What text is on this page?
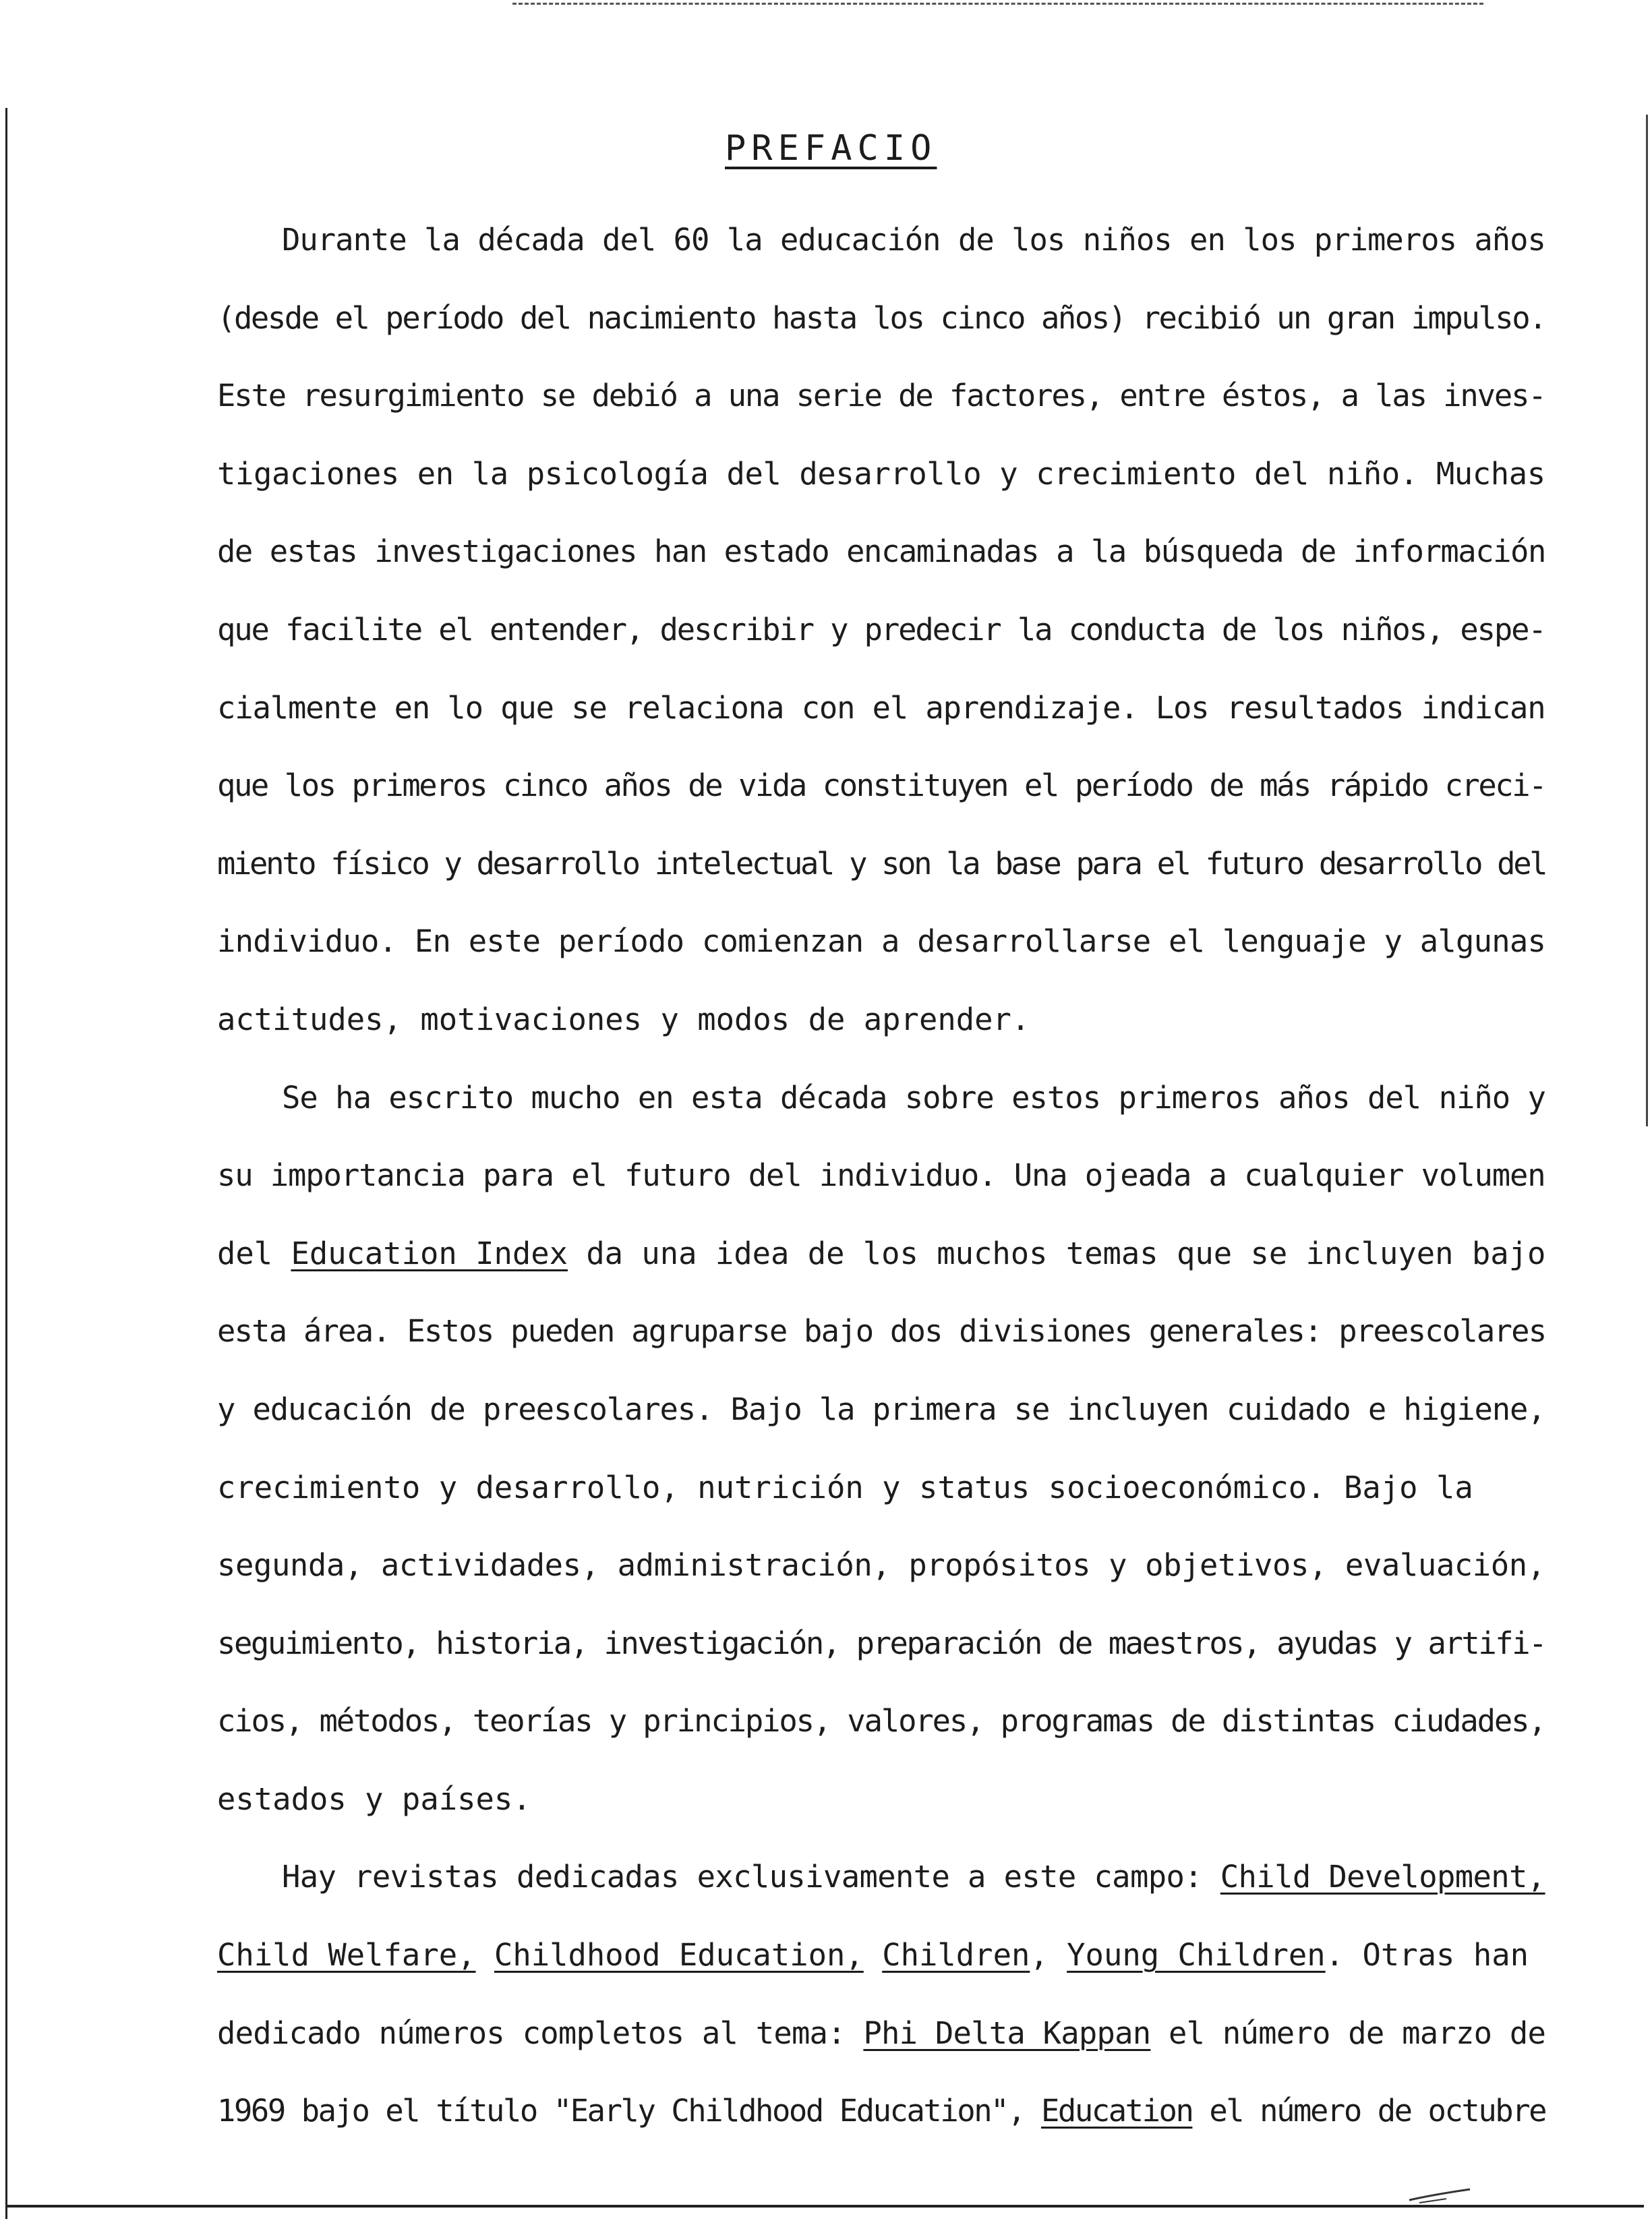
PREFACIO

Durante la década del 60 la educación de los niños en los primeros años
(desde el período del nacimiento hasta los cinco años) recibió un gran impulso.
Este resurgimiento se debió a una serie de factores, entre éstos, a las inves-
tigaciones en la psicología del desarrollo y crecimiento del niño. Muchas
de estas investigaciones han estado encaminadas a la búsqueda de información
que facilite el entender, describir y predecir la conducta de los niños, espe-
cialmente en lo que se relaciona con el aprendizaje. Los resultados indican
que los primeros cinco años de vida constituyen el período de más rápido creci-
miento físico y desarrollo intelectual y son la base para el futuro desarrollo del
individuo. En este período comienzan a desarrollarse el lenguaje y algunas
actitudes, motivaciones y modos de aprender.

Se ha escrito mucho en esta década sobre estos primeros años del niño y
su importancia para el futuro del individuo. Una ojeada a cualquier volumen
del Education Index da una idea de los muchos temas que se incluyen bajo
esta área. Estos pueden agruparse bajo dos divisiones generales: preescolares
y educación de preescolares. Bajo la primera se incluyen cuidado e higiene,
crecimiento y desarrollo, nutrición y status socioeconómico. Bajo la
segunda, actividades, administración, propósitos y objetivos, evaluación,
seguimiento, historia, investigación, preparación de maestros, ayudas y artifi-
cios, métodos, teorías y principios, valores, programas de distintas ciudades,
estados y países.

Hay revistas dedicadas exclusivamente a este campo: Child Development,
Child Welfare, Childhood Education, Children, Young Children. Otras han
dedicado números completos al tema: Phi Delta Kappan el número de marzo de
1969 bajo el título "Early Childhood Education", Education el número de octubre
